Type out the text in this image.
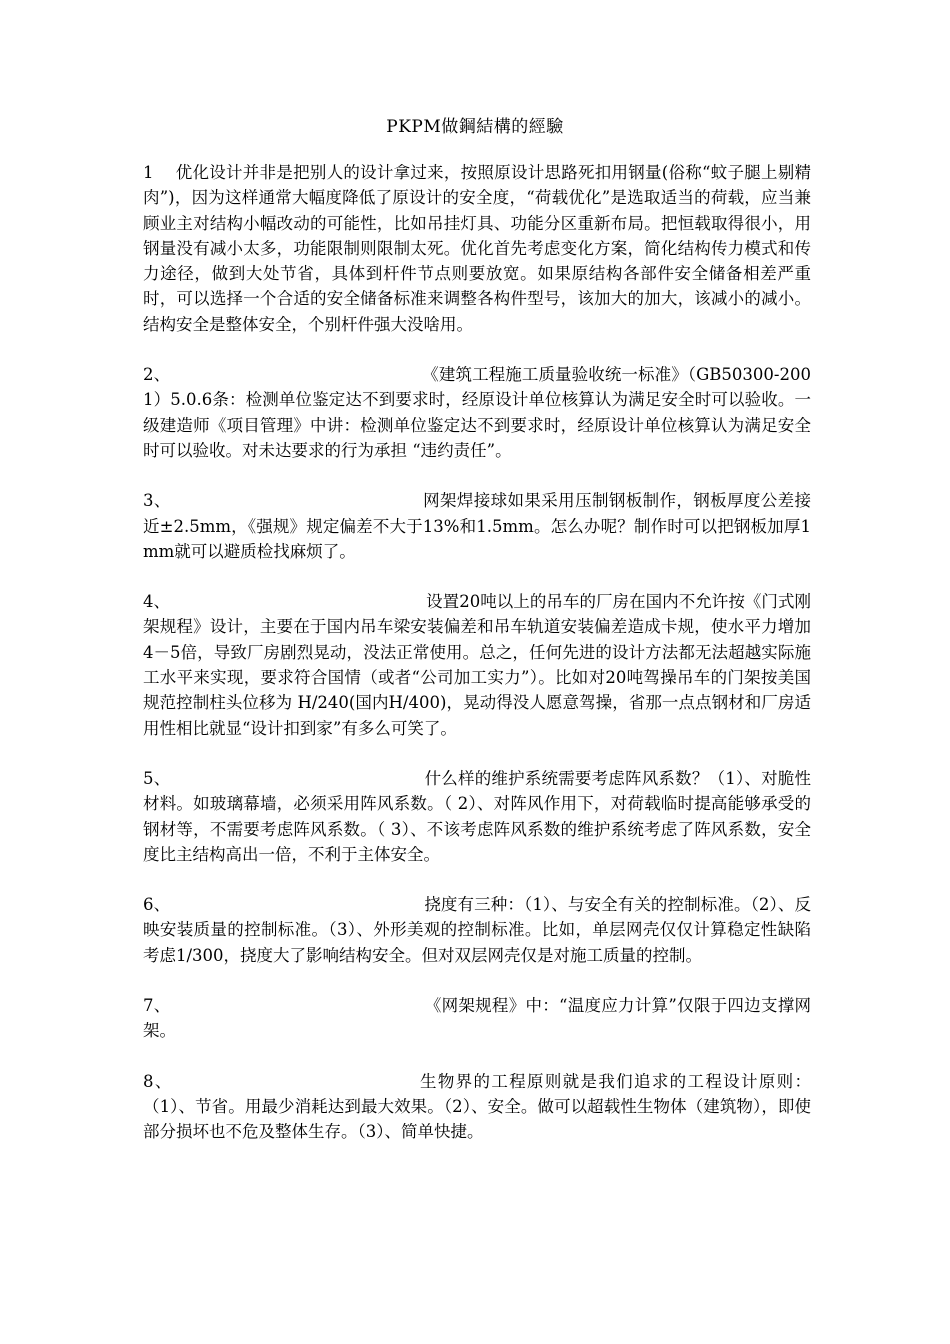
PKPM做鋼結構的經驗

1 优化设计并非是把别人的设计拿过来，按照原设计思路死扣用钢量(俗称“蚊子腿上剔精肉”)，因为这样通常大幅度降低了原设计的安全度，“荷载优化”是选取适当的荷载，应当兼顾业主对结构小幅改动的可能性，比如吊挂灯具、功能分区重新布局。把恒载取得很小，用钢量没有减小太多，功能限制则限制太死。优化首先考虑变化方案，简化结构传力模式和传力途径，做到大处节省，具体到杆件节点则要放宽。如果原结构各部件安全储备相差严重时，可以选择一个合适的安全储备标准来调整各构件型号，该加大的加大，该减小的减小。结构安全是整体安全，个别杆件强大没啥用。

2、	《建筑工程施工质量验收统一标准》（GB50300-2001）5.0.6条：检测单位鉴定达不到要求时，经原设计单位核算认为满足安全时可以验收。一级建造师《项目管理》中讲：检测单位鉴定达不到要求时，经原设计单位核算认为满足安全时可以验收。对未达要求的行为承担 “违约责任”。

3、	网架焊接球如果采用压制钢板制作，钢板厚度公差接近±2.5mm，《强规》规定偏差不大于13%和1.5mm。怎么办呢？制作时可以把钢板加厚1mm就可以避质检找麻烦了。

4、	设置20吨以上的吊车的厂房在国内不允许按《门式刚架规程》设计，主要在于国内吊车梁安装偏差和吊车轨道安装偏差造成卡规，使水平力增加4－5倍，导致厂房剧烈晃动，没法正常使用。总之，任何先进的设计方法都无法超越实际施工水平来实现，要求符合国情（或者“公司加工实力”）。比如对20吨驾操吊车的门架按美国规范控制柱头位移为 H/240(国内H/400)，晃动得没人愿意驾操，省那一点点钢材和厂房适用性相比就显“设计扣到家”有多么可笑了。

5、	什么样的维护系统需要考虑阵风系数？（1）、对脆性材料。如玻璃幕墙，必须采用阵风系数。（ 2）、对阵风作用下，对荷载临时提高能够承受的钢材等，不需要考虑阵风系数。（ 3）、不该考虑阵风系数的维护系统考虑了阵风系数，安全度比主结构高出一倍，不利于主体安全。

6、	挠度有三种：（1）、与安全有关的控制标准。（2）、反映安装质量的控制标准。（3）、外形美观的控制标准。比如，单层网壳仅仅计算稳定性缺陷考虑1/300，挠度大了影响结构安全。但对双层网壳仅是对施工质量的控制。

7、	《网架规程》中：“温度应力计算”仅限于四边支撑网架。

8、	生物界的工程原则就是我们追求的工程设计原则：（1）、节省。用最少消耗达到最大效果。（2）、安全。做可以超载性生物体（建筑物），即使部分损坏也不危及整体生存。（3）、简单快捷。
